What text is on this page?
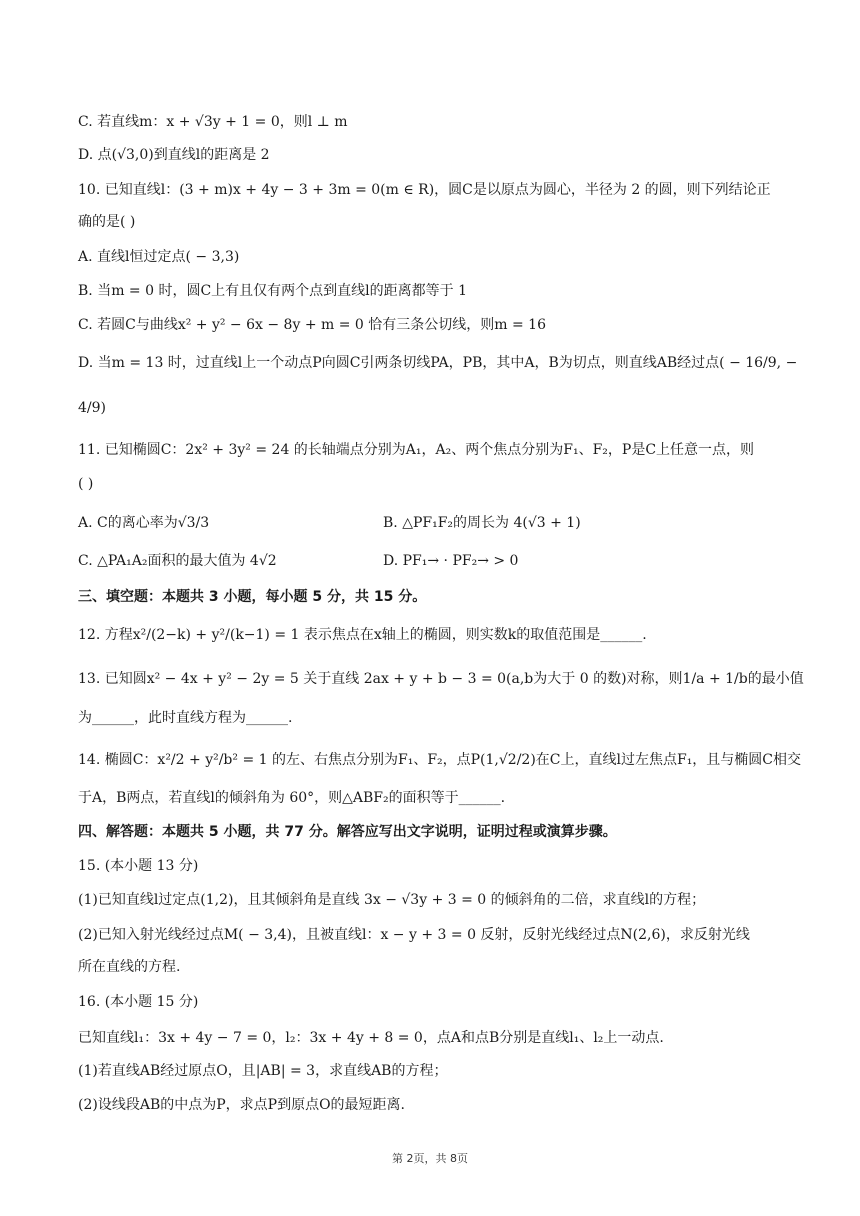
C. 若直线m：x + √3y + 1 = 0，则l ⊥ m
D. 点(√3,0)到直线l的距离是 2
10. 已知直线l：(3 + m)x + 4y − 3 + 3m = 0(m ∈ R)，圆C是以原点为圆心，半径为 2 的圆，则下列结论正
确的是( )
A. 直线l恒过定点( − 3,3)
B. 当m = 0 时，圆C上有且仅有两个点到直线l的距离都等于 1
C. 若圆C与曲线x² + y² − 6x − 8y + m = 0 恰有三条公切线，则m = 16
D. 当m = 13 时，过直线l上一个动点P向圆C引两条切线PA，PB，其中A，B为切点，则直线AB经过点( − 16/9, −
4/9)
11. 已知椭圆C：2x² + 3y² = 24 的长轴端点分别为A₁，A₂、两个焦点分别为F₁、F₂，P是C上任意一点，则
( )
A. C的离心率为√3/3	B. △PF₁F₂的周长为 4(√3 + 1)
C. △PA₁A₂面积的最大值为 4√2	D. PF₁→ · PF₂→ > 0
三、填空题：本题共 3 小题，每小题 5 分，共 15 分。
12. 方程x²/(2−k) + y²/(k−1) = 1 表示焦点在x轴上的椭圆，则实数k的取值范围是______.
13. 已知圆x² − 4x + y² − 2y = 5 关于直线 2ax + y + b − 3 = 0(a,b为大于 0 的数)对称，则1/a + 1/b的最小值
为______，此时直线方程为______.
14. 椭圆C：x²/2 + y²/b² = 1 的左、右焦点分别为F₁、F₂，点P(1,√2/2)在C上，直线l过左焦点F₁，且与椭圆C相交
于A，B两点，若直线l的倾斜角为 60°，则△ABF₂的面积等于______.
四、解答题：本题共 5 小题，共 77 分。解答应写出文字说明，证明过程或演算步骤。
15. (本小题 13 分)
(1)已知直线l过定点(1,2)，且其倾斜角是直线 3x − √3y + 3 = 0 的倾斜角的二倍，求直线l的方程；
(2)已知入射光线经过点M( − 3,4)，且被直线l：x − y + 3 = 0 反射，反射光线经过点N(2,6)，求反射光线
所在直线的方程.
16. (本小题 15 分)
已知直线l₁：3x + 4y − 7 = 0，l₂：3x + 4y + 8 = 0，点A和点B分别是直线l₁、l₂上一动点.
(1)若直线AB经过原点O，且|AB| = 3，求直线AB的方程；
(2)设线段AB的中点为P，求点P到原点O的最短距离.
第 2页，共 8页
